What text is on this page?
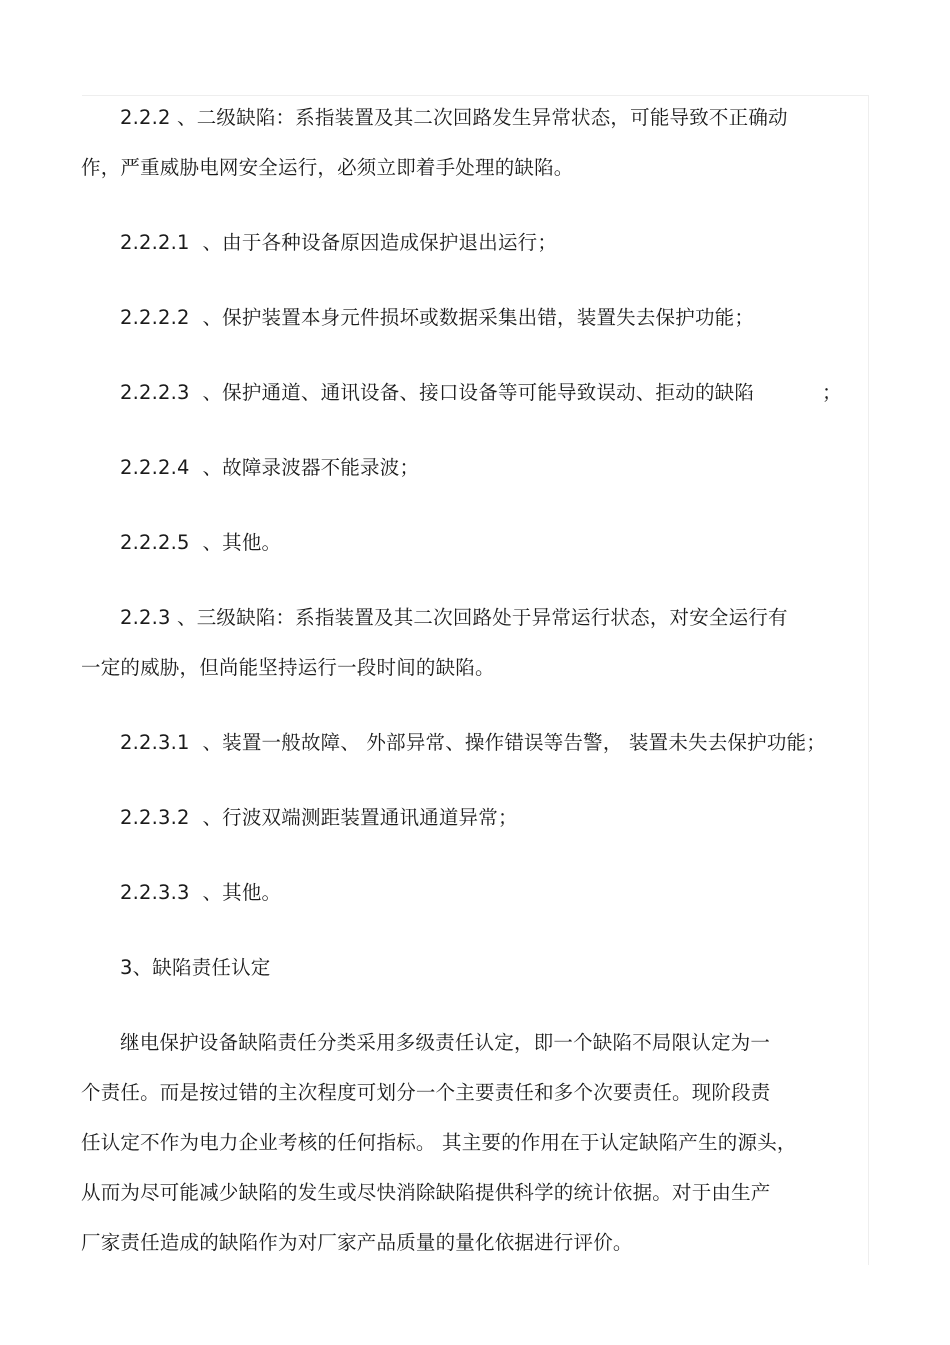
2.2.2 、二级缺陷：系指装置及其二次回路发生异常状态，可能导致不正确动
作，严重威胁电网安全运行，必须立即着手处理的缺陷。
2.2.2.1 、由于各种设备原因造成保护退出运行；
2.2.2.2 、保护装置本身元件损坏或数据采集出错，装置失去保护功能；
2.2.2.3 、保护通道、通讯设备、接口设备等可能导致误动、拒动的缺陷	；
2.2.2.4 、故障录波器不能录波；
2.2.2.5 、其他。
2.2.3 、三级缺陷：系指装置及其二次回路处于异常运行状态，对安全运行有
一定的威胁，但尚能坚持运行一段时间的缺陷。
2.2.3.1 、装置一般故障、 外部异常、操作错误等告警， 装置未失去保护功能；
2.2.3.2 、行波双端测距装置通讯通道异常；
2.2.3.3 、其他。
3、缺陷责任认定
继电保护设备缺陷责任分类采用多级责任认定，即一个缺陷不局限认定为一
个责任。而是按过错的主次程度可划分一个主要责任和多个次要责任。现阶段责
任认定不作为电力企业考核的任何指标。 其主要的作用在于认定缺陷产生的源头，
从而为尽可能减少缺陷的发生或尽快消除缺陷提供科学的统计依据。对于由生产
厂家责任造成的缺陷作为对厂家产品质量的量化依据进行评价。
